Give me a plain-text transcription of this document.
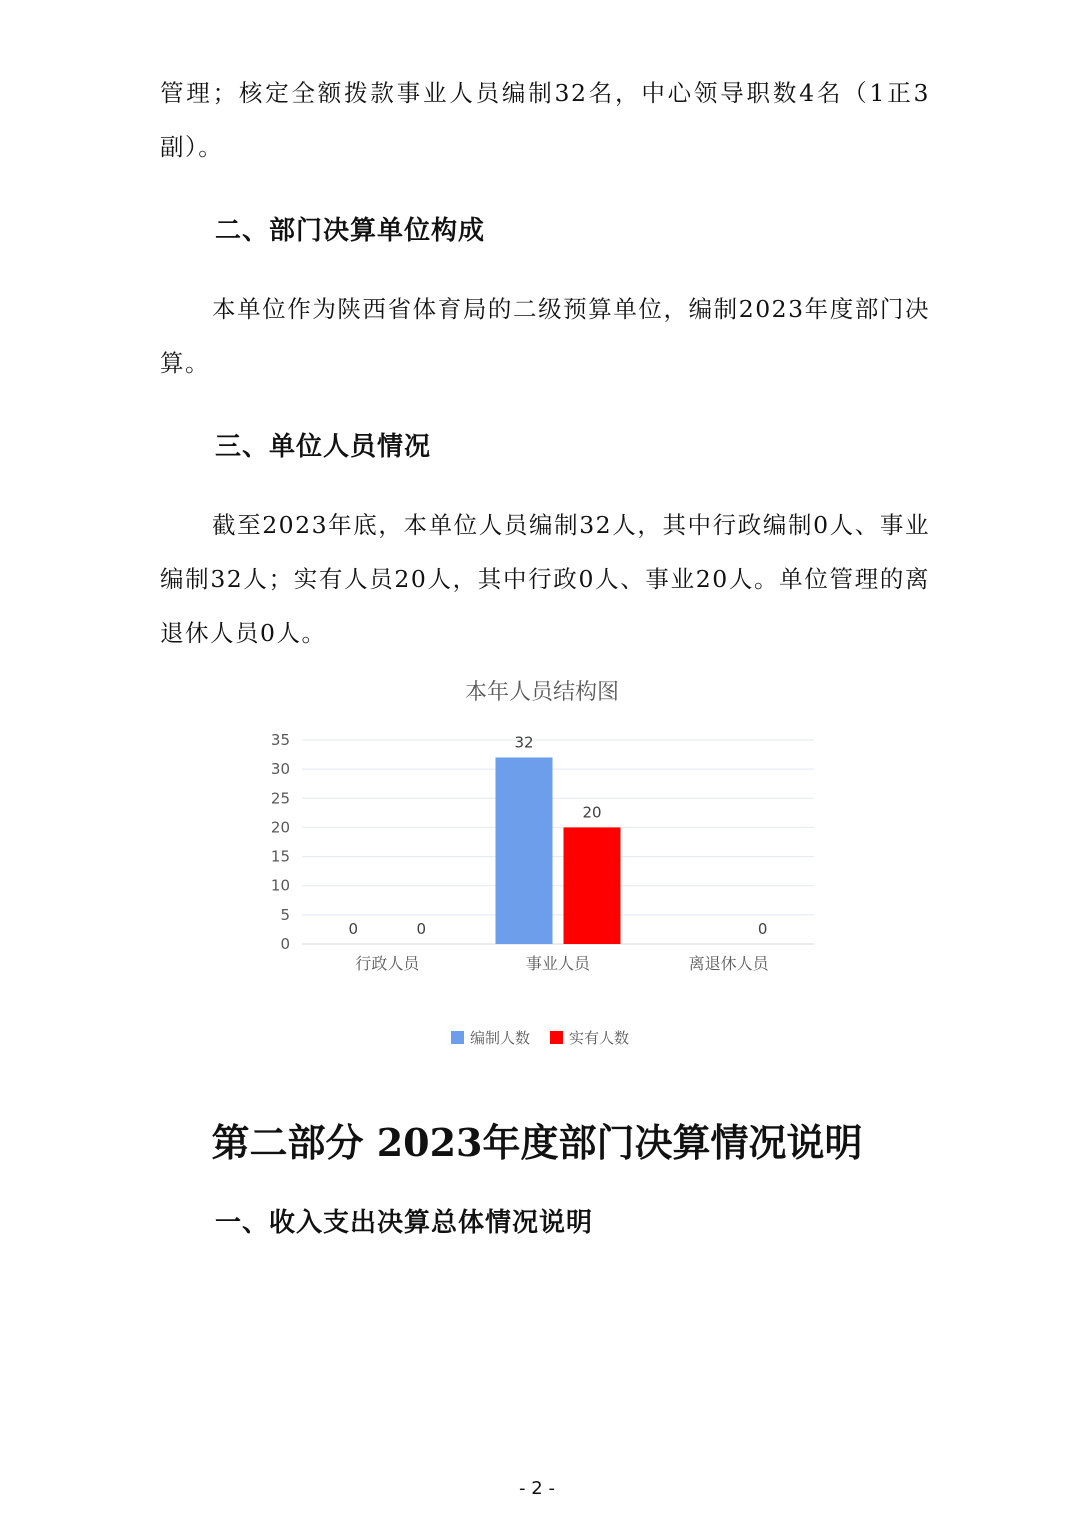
管理；核定全额拨款事业人员编制32名，中心领导职数4名（1正3副）。

二、部门决算单位构成

本单位作为陕西省体育局的二级预算单位，编制2023年度部门决算。

三、单位人员情况

截至2023年底，本单位人员编制32人，其中行政编制0人、事业编制32人；实有人员20人，其中行政0人、事业20人。单位管理的离退休人员0人。

本年人员结构图
0
5
10
15
20
25
30
35
0	0
32
20
0
行政人员	事业人员	离退休人员
编制人数	实有人数
第二部分 2023年度部门决算情况说明
一、收入支出决算总体情况说明
- 2 -
